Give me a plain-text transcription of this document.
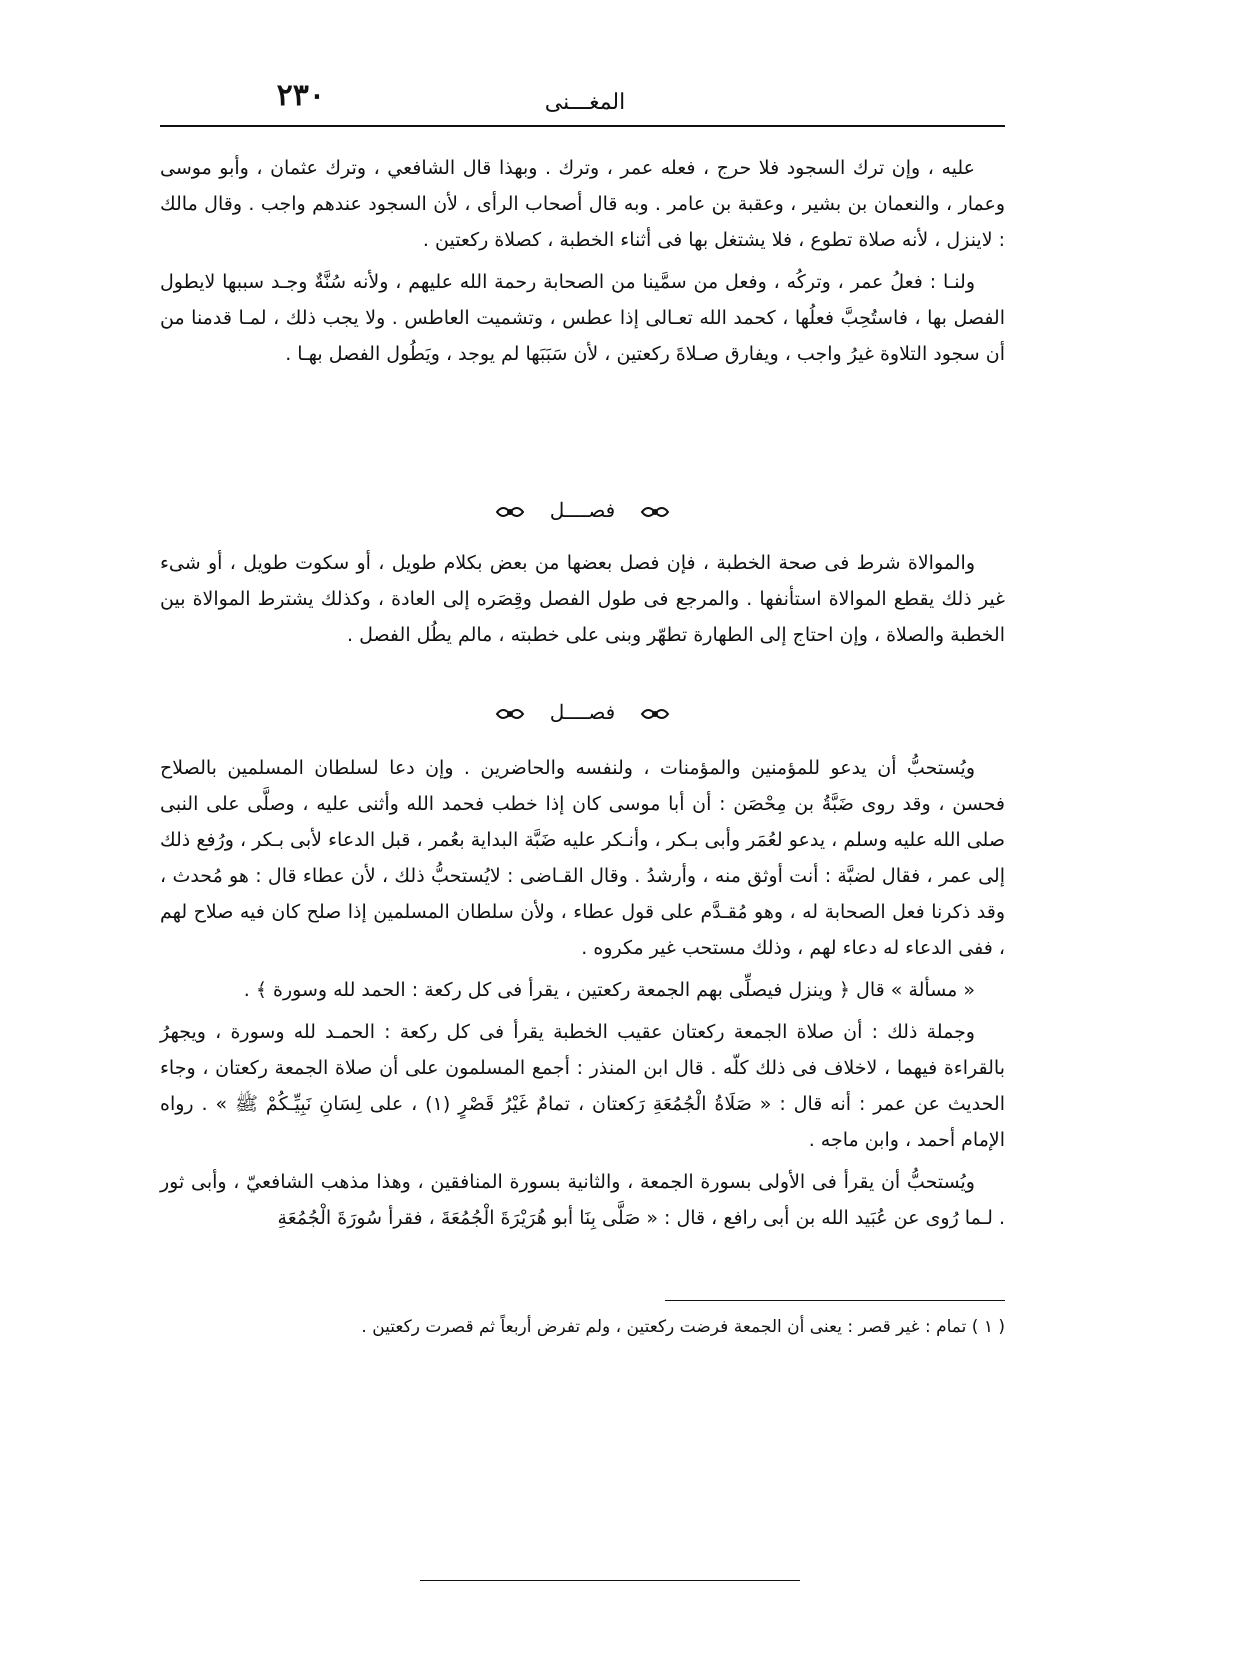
٢٣٠	المغـــنى

عليه ، وإن ترك السجود فلا حرج ، فعله عمر ، وترك . وبهذا قال الشافعي ، وترك عثمان ، وأبو موسى وعمار ، والنعمان بن بشير ، وعقبة بن عامر . وبه قال أصحاب الرأى ، لأن السجود عندهم واجب . وقال مالك : لاينزل ، لأنه صلاة تطوع ، فلا يشتغل بها فى أثناء الخطبة ، كصلاة ركعتين .

ولنـا : فعلُ عمر ، وتركُه ، وفعل من سمَّينا من الصحابة رحمة الله عليهم ، ولأنه سُنَّةٌ وجـد سببها لايطول الفصل بها ، فاستُحِبَّ فعلُها ، كحمد الله تعـالى إذا عطس ، وتشميت العاطس . ولا يجب ذلك ، لمـا قدمنا من أن سجود التلاوة غيرُ واجب ، ويفارق صـلاةَ ركعتين ، لأن سَبَبَها لم يوجد ، ويَطُول الفصل بهـا .

فصــــل

والموالاة شرط فى صحة الخطبة ، فإن فصل بعضها من بعض بكلام طويل ، أو سكوت طويل ، أو شىء غير ذلك يقطع الموالاة استأنفها . والمرجع فى طول الفصل وقِصَره إلى العادة ، وكذلك يشترط الموالاة بين الخطبة والصلاة ، وإن احتاج إلى الطهارة تطهّر وبنى على خطبته ، مالم يطُل الفصل .

فصــــل

ويُستحبُّ أن يدعو للمؤمنين والمؤمنات ، ولنفسه والحاضرين . وإن دعا لسلطان المسلمين بالصلاح فحسن ، وقد روى ضَبَّةُ بن مِحْصَن : أن أبا موسى كان إذا خطب فحمد الله وأثنى عليه ، وصلَّى على النبى صلى الله عليه وسلم ، يدعو لعُمَر وأبى بـكر ، وأنـكر عليه ضَبَّة البداية بعُمر ، قبل الدعاء لأبى بـكر ، ورُفع ذلك إلى عمر ، فقال لضبَّة : أنت أوثق منه ، وأرشدُ . وقال القـاضى : لايُستحبُّ ذلك ، لأن عطاء قال : هو مُحدث ، وقد ذكرنا فعل الصحابة له ، وهو مُقـدَّم على قول عطاء ، ولأن سلطان المسلمين إذا صلح كان فيه صلاح لهم ، ففى الدعاء له دعاء لهم ، وذلك مستحب غير مكروه .

« مسألة » قال ﴿ وينزل فيصلِّى بهم الجمعة ركعتين ، يقرأ فى كل ركعة : الحمد لله وسورة ﴾ .

وجملة ذلك : أن صلاة الجمعة ركعتان عقيب الخطبة يقرأ فى كل ركعة : الحمـد لله وسورة ، ويجهرُ بالقراءة فيهما ، لاخلاف فى ذلك كلّه . قال ابن المنذر : أجمع المسلمون على أن صلاة الجمعة ركعتان ، وجاء الحديث عن عمر : أنه قال : « صَلَاةُ الْجُمُعَةِ رَكعتان ، تمامٌ غَيْرُ قَصْرٍ (١) ، على لِسَانِ نَبِيِّـكُمْ ﷺ » . رواه الإمام أحمد ، وابن ماجه .

ويُستحبُّ أن يقرأ فى الأولى بسورة الجمعة ، والثانية بسورة المنافقين ، وهذا مذهب الشافعيّ ، وأبى ثور . لـما رُوى عن عُبَيد الله بن أبى رافع ، قال : « صَلَّى بِنَا أبو هُرَيْرَةَ الْجُمُعَةَ ، فقرأ سُورَةَ الْجُمُعَةِ

( ١ ) تمام : غير قصر : يعنى أن الجمعة فرضت ركعتين ، ولم تفرض أربعاً ثم قصرت ركعتين .
